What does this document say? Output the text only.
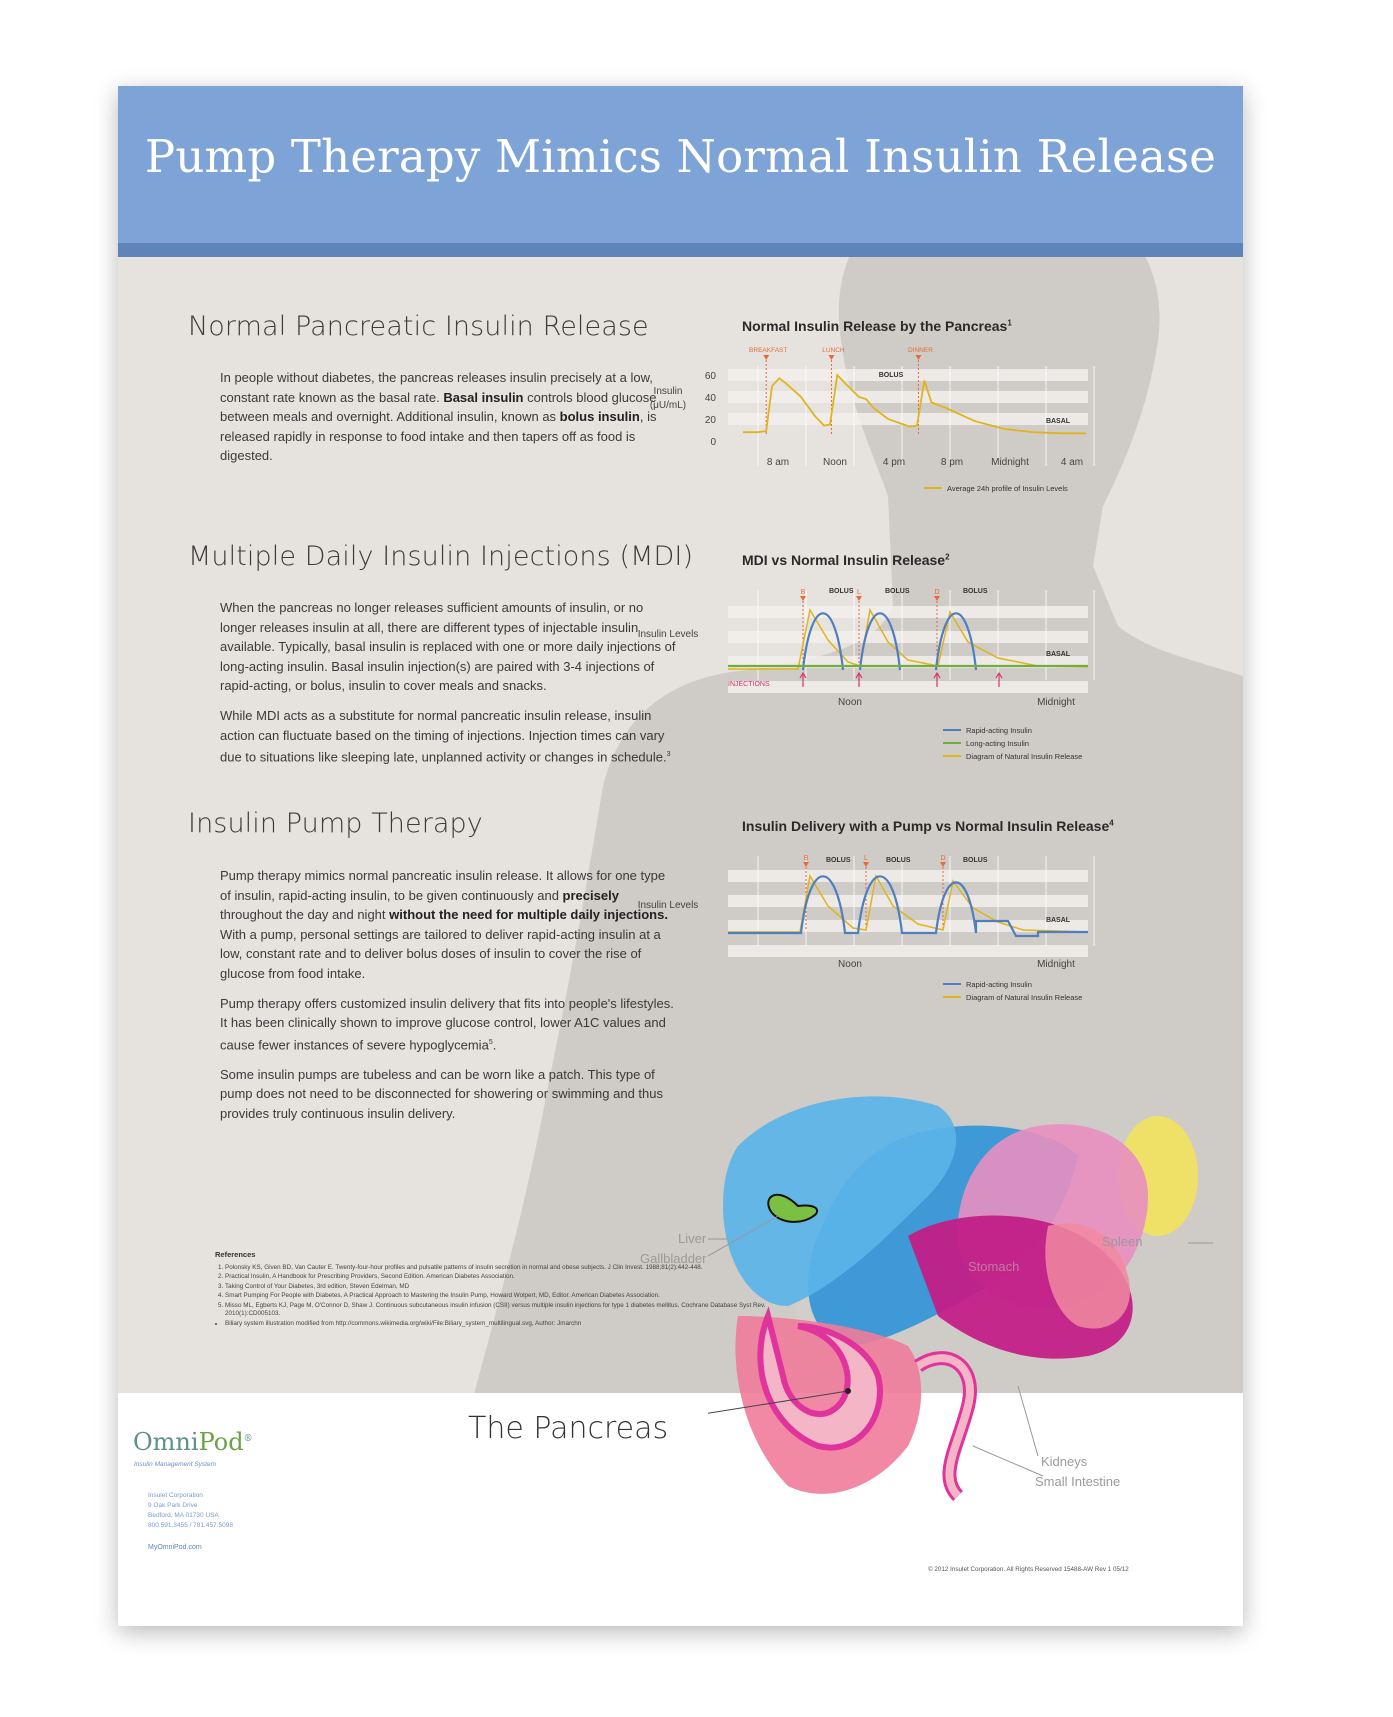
Pump Therapy Mimics Normal Insulin Release
Normal Pancreatic Insulin Release

In people without diabetes, the pancreas releases insulin precisely at a low, constant rate known as the basal rate. Basal insulin controls blood glucose between meals and overnight. Additional insulin, known as bolus insulin, is released rapidly in response to food intake and then tapers off as food is digested.

Multiple Daily Insulin Injections (MDI)

When the pancreas no longer releases sufficient amounts of insulin, or no longer releases insulin at all, there are different types of injectable insulin available. Typically, basal insulin is replaced with one or more daily injections of long-acting insulin. Basal insulin injection(s) are paired with 3-4 injections of rapid-acting, or bolus, insulin to cover meals and snacks.

While MDI acts as a substitute for normal pancreatic insulin release, insulin action can fluctuate based on the timing of injections. Injection times can vary due to situations like sleeping late, unplanned activity or changes in schedule.$^3$

Insulin Pump Therapy

Pump therapy mimics normal pancreatic insulin release. It allows for one type of insulin, rapid-acting insulin, to be given continuously and precisely throughout the day and night without the need for multiple daily injections. With a pump, personal settings are tailored to deliver rapid-acting insulin at a low, constant rate and to deliver bolus doses of insulin to cover the rise of glucose from food intake.

Pump therapy offers customized insulin delivery that fits into people's lifestyles. It has been clinically shown to improve glucose control, lower A1C values and cause fewer instances of severe hypoglycemia$^5$.

Some insulin pumps are tubeless and can be worn like a patch. This type of pump does not need to be disconnected for showering or swimming and thus provides truly continuous insulin delivery.

Normal Insulin Release by the Pancreas$^1$
60
40
20
0
Insulin
(μU/mL)
8 am	Noon	4 pm	8 pm	Midnight	4 am
BREAKFAST	LUNCH	DINNER
BOLUS
BASAL
Average 24h profile of Insulin Levels
MDI vs Normal Insulin Release$^2$
Insulin Levels
B	BOLUS L	BOLUS	D	BOLUS
BASAL
INJECTIONS
Noon	Midnight
Rapid-acting Insulin
Long-acting Insulin
Diagram of Natural Insulin Release
Insulin Delivery with a Pump vs Normal Insulin Release$^4$
Insulin Levels
B	BOLUS L	BOLUS	D BOLUS
BASAL
Noon	Midnight
Rapid-acting Insulin
Diagram of Natural Insulin Release
References
1. Polonsky KS, Given BD, Van Cauter E. Twenty-four-hour profiles and pulsatile patterns of insulin secretion in normal and obese subjects. J Clin Invest. 1988;81(2):442-448.
2. Practical Insulin, A Handbook for Prescribing Providers, Second Edition. American Diabetes Association.
3. Taking Control of Your Diabetes, 3rd edition, Steven Edelman, MD
4. Smart Pumping For People with Diabetes, A Practical Approach to Mastering the Insulin Pump, Howard Wolpert, MD, Editor. American Diabetes Association.
5. Misso ML, Egberts KJ, Page M, O'Connor D, Shaw J. Continuous subcutaneous insulin infusion (CSII) versus multiple insulin injections for type 1 diabetes mellitus. Cochrane Database Syst Rev. 2010(1):CD005103.
• Biliary system illustration modified from http://commons.wikimedia.org/wiki/File:Biliary_system_multilingual.svg, Author: Jmarchn
The Pancreas
Liver
Gallbladder
Spleen
Stomach
Kidneys
Small Intestine
OmniPod®
Insulin Management System
Insulet Corporation
9 Oak Park Drive
Bedford, MA 01730 USA
800.591.3455 / 781.457.5098
MyOmniPod.com
© 2012 Insulet Corporation. All Rights Reserved 15488-AW Rev 1 05/12
